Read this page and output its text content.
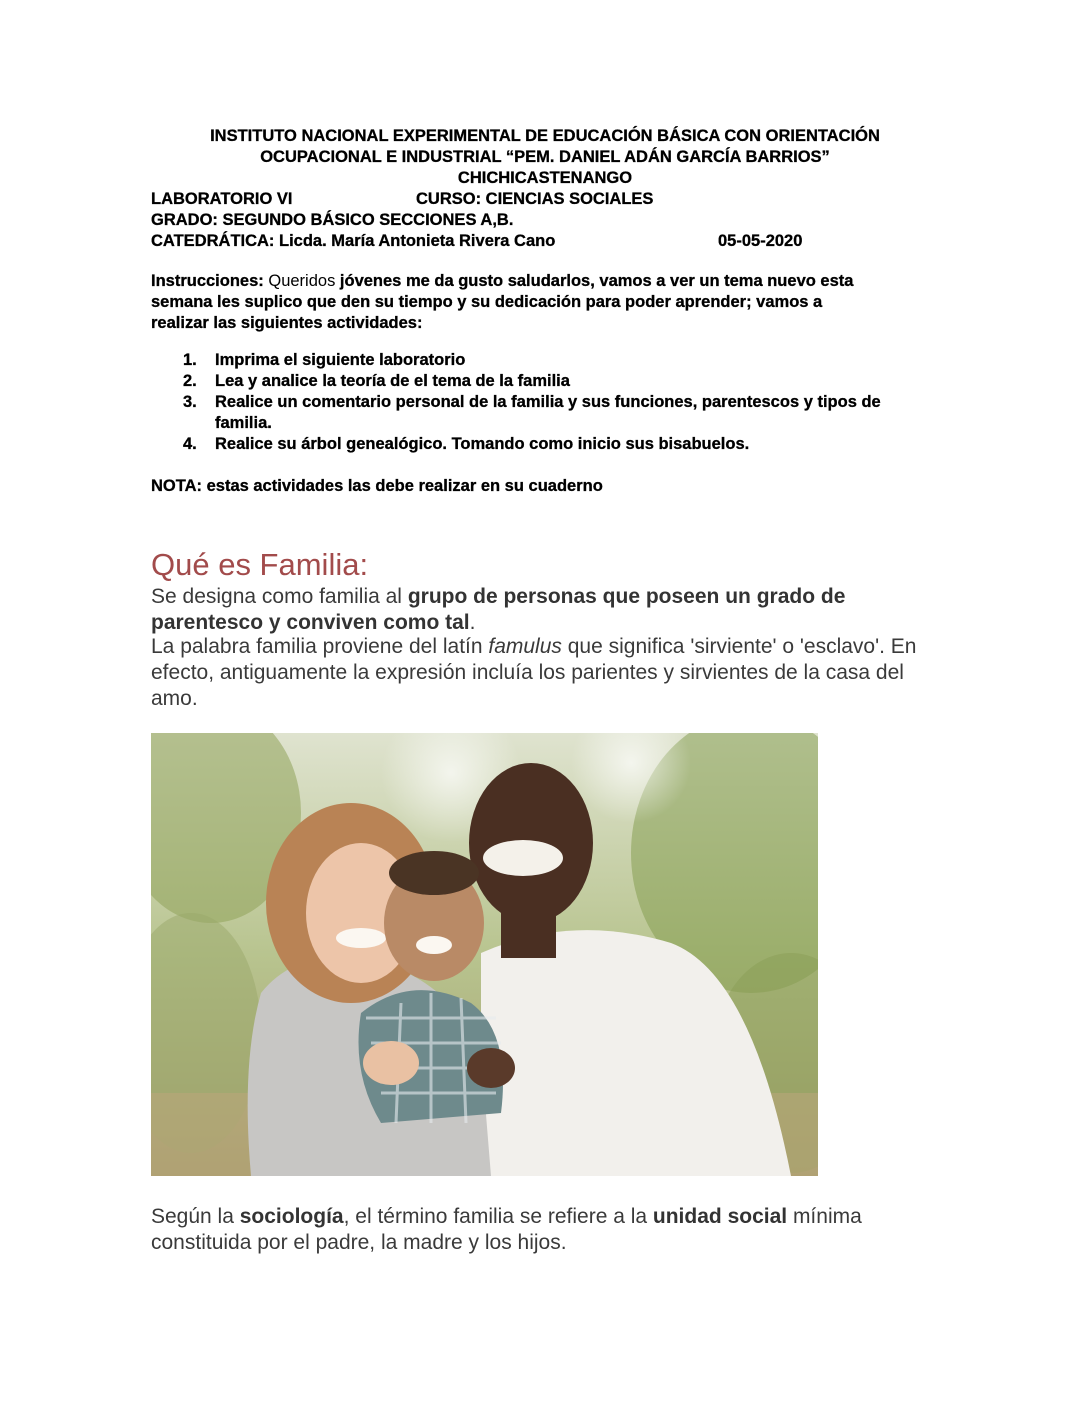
INSTITUTO NACIONAL EXPERIMENTAL DE EDUCACIÓN BÁSICA CON ORIENTACIÓN
OCUPACIONAL E INDUSTRIAL “PEM. DANIEL ADÁN GARCÍA BARRIOS”
CHICHICASTENANGO
LABORATORIO VI	CURSO: CIENCIAS SOCIALES
GRADO: SEGUNDO BÁSICO SECCIONES A,B.
CATEDRÁTICA: Licda. María Antonieta Rivera Cano	05-05-2020
Instrucciones: Queridos jóvenes me da gusto saludarlos, vamos a ver un tema nuevo esta
semana les suplico que den su tiempo y su dedicación para poder aprender; vamos a
realizar las siguientes actividades:
1. Imprima el siguiente laboratorio
2. Lea y analice la teoría de el tema de la familia
3. Realice un comentario personal de la familia y sus funciones, parentescos y tipos de familia.
4. Realice su árbol genealógico. Tomando como inicio sus bisabuelos.
NOTA: estas actividades las debe realizar en su cuaderno
Qué es Familia:
Se designa como familia al grupo de personas que poseen un grado de
parentesco y conviven como tal.
La palabra familia proviene del latín famulus que significa 'sirviente' o 'esclavo'. En
efecto, antiguamente la expresión incluía los parientes y sirvientes de la casa del
amo.
Según la sociología, el término familia se refiere a la unidad social mínima
constituida por el padre, la madre y los hijos.
